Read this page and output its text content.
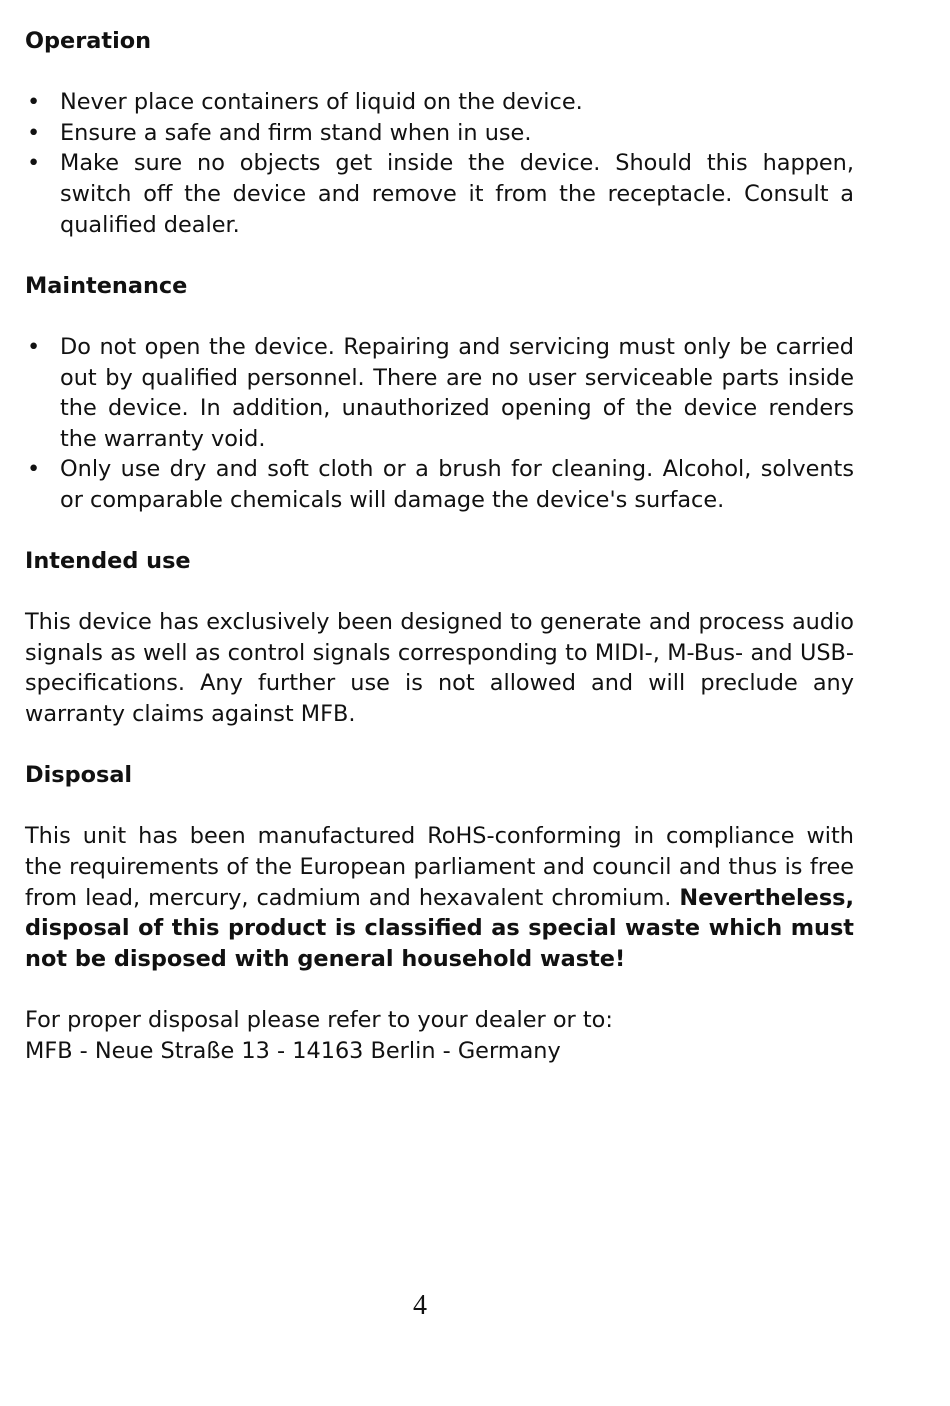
Operation
• Never place containers of liquid on the device.
• Ensure a safe and firm stand when in use.
• Make sure no objects get inside the device. Should this happen, switch off the device and remove it from the receptacle. Consult a qualified dealer.
Maintenance
• Do not open the device. Repairing and servicing must only be carried out by qualified personnel. There are no user serviceable parts inside the device. In addition, unauthorized opening of the device renders the warranty void.
• Only use dry and soft cloth or a brush for cleaning. Alcohol, solvents or comparable chemicals will damage the device's surface.
Intended use

This device has exclusively been designed to generate and process audio signals as well as control signals corresponding to MIDI-, M-Bus- and USB-specifications. Any further use is not allowed and will preclude any warranty claims against MFB.

Disposal

This unit has been manufactured RoHS-conforming in compliance with the requirements of the European parliament and council and thus is free from lead, mercury, cadmium and hexavalent chromium. Nevertheless, disposal of this product is classified as special waste which must not be disposed with general household waste!

For proper disposal please refer to your dealer or to:
MFB - Neue Straße 13 - 14163 Berlin - Germany
4
